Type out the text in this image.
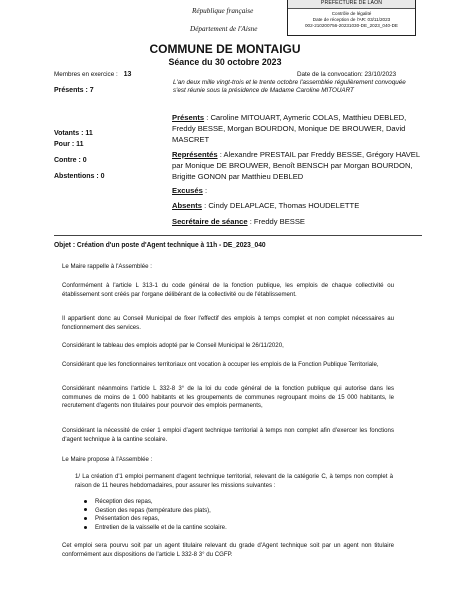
République française
Département de l'Aisne
PREFECTURE DE LAON
Contrôle de légalité
Date de réception de l'AR: 03/11/2023
002-210200756-20231030-DE_2023_040-DE
COMMUNE DE MONTAIGU
Séance du 30 octobre 2023
Membres en exercice : 13
Présents : 7
Votants : 11
Pour : 11
Contre : 0
Abstentions : 0
Date de la convocation: 23/10/2023
L'an deux mille vingt-trois et le trente octobre l'assemblée régulièrement convoquée s'est réunie sous la présidence de Madame Caroline MITOUART
Présents : Caroline MITOUART, Aymeric COLAS, Matthieu DEBLED, Freddy BESSE, Morgan BOURDON, Monique DE BROUWER, David MASCRET
Représentés : Alexandre PRESTAIL par Freddy BESSE, Grégory HAVEL par Monique DE BROUWER, Benoît BENSCH par Morgan BOURDON, Brigitte GONON par Matthieu DEBLED
Excusés :
Absents : Cindy DELAPLACE, Thomas HOUDELETTE
Secrétaire de séance : Freddy BESSE
Objet : Création d'un poste d'Agent technique à 11h - DE_2023_040
Le Maire rappelle à l'Assemblée :
Conformément à l'article L 313-1 du code général de la fonction publique, les emplois de chaque collectivité ou établissement sont créés par l'organe délibérant de la collectivité ou de l'établissement.
Il appartient donc au Conseil Municipal de fixer l'effectif des emplois à temps complet et non complet nécessaires au fonctionnement des services.
Considérant le tableau des emplois adopté par le Conseil Municipal le 26/11/2020,
Considérant que les fonctionnaires territoriaux ont vocation à occuper les emplois de la Fonction Publique Territoriale,
Considérant néanmoins l'article L 332-8 3° de la loi du code général de la fonction publique qui autorise dans les communes de moins de 1 000 habitants et les groupements de communes regroupant moins de 15 000 habitants, le recrutement d'agents non titulaires pour pourvoir des emplois permanents,
Considérant la nécessité de créer 1 emploi d'agent technique territorial à temps non complet afin d'exercer les fonctions d'agent technique à la cantine scolaire.
Le Maire propose à l'Assemblée :
1/ La création d'1 emploi permanent d'agent technique territorial, relevant de la catégorie C, à temps non complet à raison de 11 heures hebdomadaires, pour assurer les missions suivantes :
Réception des repas,
Gestion des repas (température des plats),
Présentation des repas,
Entretien de la vaisselle et de la cantine scolaire.
Cet emploi sera pourvu soit par un agent titulaire relevant du grade d'Agent technique soit par un agent non titulaire conformément aux dispositions de l'article L 332-8 3° du CGFP.
